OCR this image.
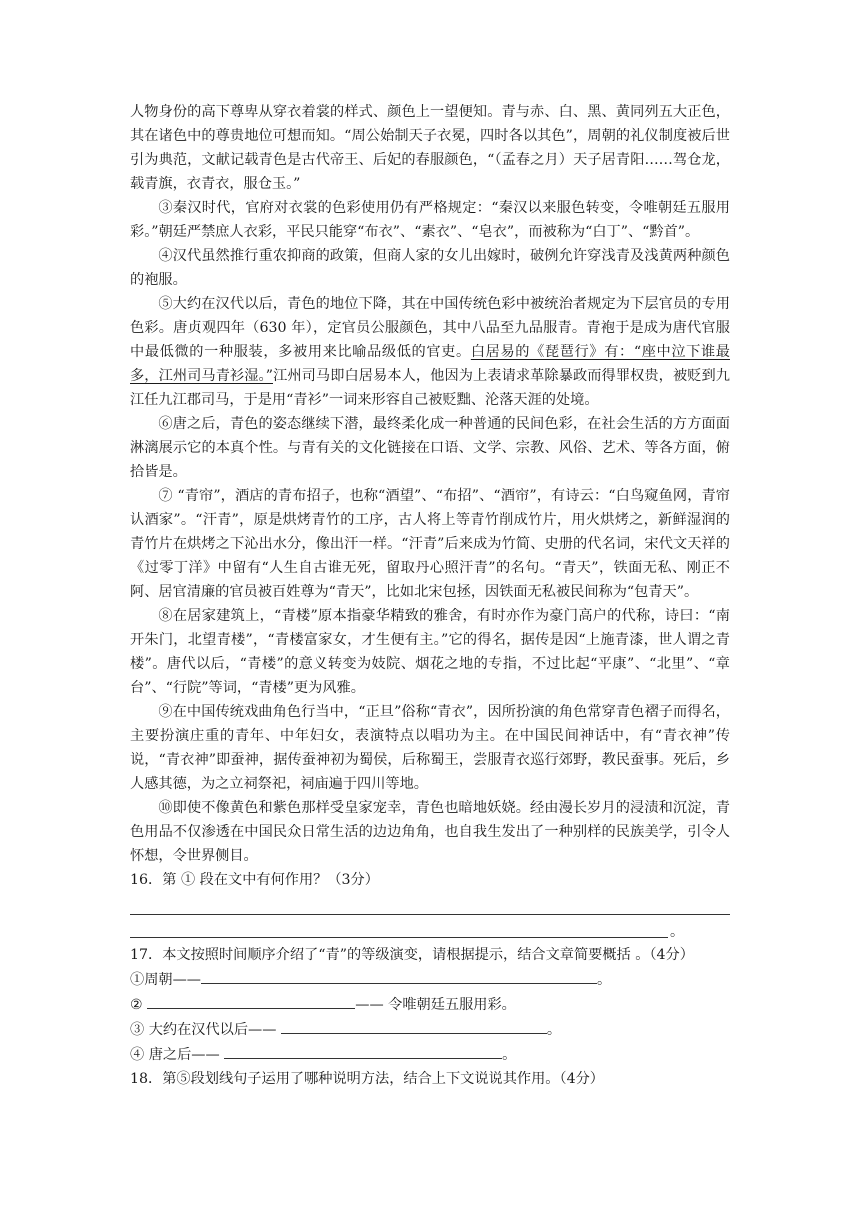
人物身份的高下尊卑从穿衣着裳的样式、颜色上一望便知。青与赤、白、黑、黄同列五大正色，其在诸色中的尊贵地位可想而知。“周公始制天子衣冕，四时各以其色”，周朝的礼仪制度被后世引为典范，文献记载青色是古代帝王、后妃的春服颜色，“（孟春之月）天子居青阳……驾仓龙，载青旗，衣青衣，服仓玉。”

③秦汉时代，官府对衣裳的色彩使用仍有严格规定：“秦汉以来服色转变，令唯朝廷五服用彩。”朝廷严禁庶人衣彩，平民只能穿“布衣”、“素衣”、“皂衣”，而被称为“白丁”、“黔首”。

④汉代虽然推行重农抑商的政策，但商人家的女儿出嫁时，破例允许穿浅青及浅黄两种颜色的袍服。

⑤大约在汉代以后，青色的地位下降，其在中国传统色彩中被统治者规定为下层官员的专用色彩。唐贞观四年（630 年），定官员公服颜色，其中八品至九品服青。青袍于是成为唐代官服中最低微的一种服装，多被用来比喻品级低的官吏。白居易的《琵琶行》有：“座中泣下谁最多，江州司马青衫湿。”江州司马即白居易本人，他因为上表请求革除暴政而得罪权贵，被贬到九江任九江郡司马，于是用“青衫”一词来形容自己被贬黜、沦落天涯的处境。

⑥唐之后，青色的姿态继续下潜，最终柔化成一种普通的民间色彩，在社会生活的方方面面淋漓展示它的本真个性。与青有关的文化链接在口语、文学、宗教、风俗、艺术、等各方面，俯拾皆是。

⑦ “青帘”，酒店的青布招子，也称“酒望”、“布招”、“酒帘”，有诗云：“白鸟窥鱼网，青帘认酒家”。“汗青”，原是烘烤青竹的工序，古人将上等青竹削成竹片，用火烘烤之，新鲜湿润的青竹片在烘烤之下沁出水分，像出汗一样。“汗青”后来成为竹简、史册的代名词，宋代文天祥的《过零丁洋》中留有“人生自古谁无死，留取丹心照汗青”的名句。“青天”，铁面无私、刚正不阿、居官清廉的官员被百姓尊为“青天”，比如北宋包拯，因铁面无私被民间称为“包青天”。

⑧在居家建筑上，“青楼”原本指豪华精致的雅舍，有时亦作为豪门高户的代称，诗曰：“南开朱门，北望青楼”，“青楼富家女，才生便有主。”它的得名，据传是因“上施青漆，世人谓之青楼”。唐代以后，“青楼”的意义转变为妓院、烟花之地的专指，不过比起“平康”、“北里”、“章台”、“行院”等词，“青楼”更为风雅。

⑨在中国传统戏曲角色行当中，“正旦”俗称“青衣”，因所扮演的角色常穿青色褶子而得名，主要扮演庄重的青年、中年妇女，表演特点以唱功为主。在中国民间神话中，有“青衣神”传说，“青衣神”即蚕神，据传蚕神初为蜀侯，后称蜀王，尝服青衣巡行郊野，教民蚕事。死后，乡人感其德，为之立祠祭祀，祠庙遍于四川等地。

⑩即使不像黄色和紫色那样受皇家宠幸，青色也暗地妖娆。经由漫长岁月的浸渍和沉淀，青色用品不仅渗透在中国民众日常生活的边边角角，也自我生发出了一种别样的民族美学，引令人怀想，令世界侧目。

16．第 ① 段在文中有何作用？（3分）

。

17．本文按照时间顺序介绍了“青”的等级演变，请根据提示，结合文章简要概括 。（4分）

①周朝——	。
②	—— 令唯朝廷五服用彩。
③ 大约在汉代以后——	。
④ 唐之后——	。

18．第⑤段划线句子运用了哪种说明方法，结合上下文说说其作用。（4分）
